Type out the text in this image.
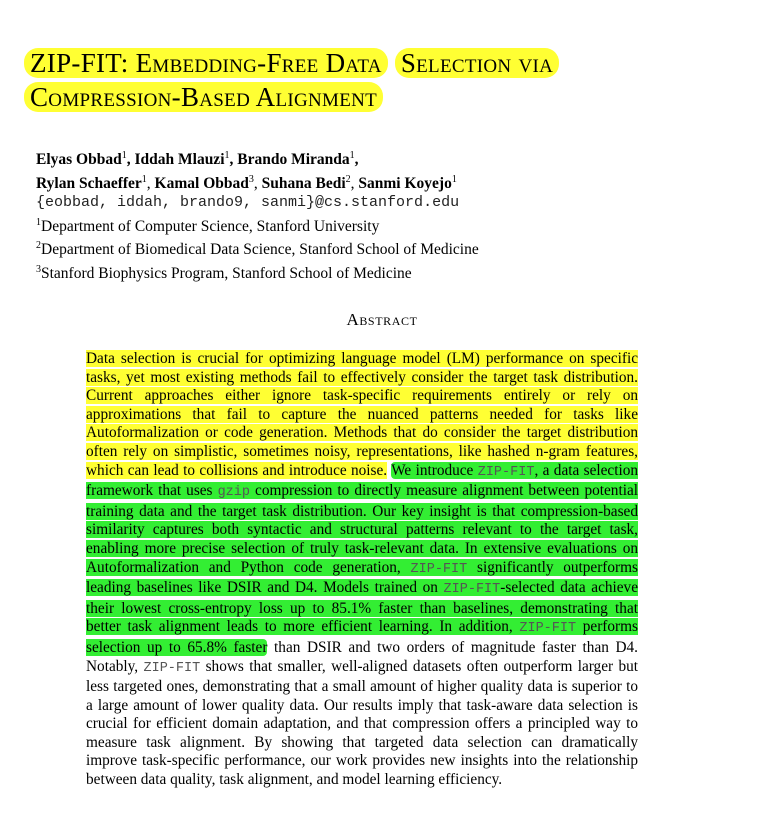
ZIP-FIT: Embedding-Free Data Selection via
Compression-Based Alignment
Elyas Obbad$^1$, Iddah Mlauzi$^1$, Brando Miranda$^1$,
Rylan Schaeffer$^1$, Kamal Obbad$^3$, Suhana Bedi$^2$, Sanmi Koyejo$^1$
{eobbad, iddah, brando9, sanmi}@cs.stanford.edu
$^1$Department of Computer Science, Stanford University
$^2$Department of Biomedical Data Science, Stanford School of Medicine
$^3$Stanford Biophysics Program, Stanford School of Medicine
Abstract
Data selection is crucial for optimizing language model (LM) performance on specific tasks, yet most existing methods fail to effectively consider the target task distribution. Current approaches either ignore task-specific requirements entirely or rely on approximations that fail to capture the nuanced patterns needed for tasks like Autoformalization or code generation. Methods that do consider the target distribution often rely on simplistic, sometimes noisy, representations, like hashed n-gram features, which can lead to collisions and introduce noise. We introduce ZIP-FIT, a data selection framework that uses gzip compression to directly measure alignment between potential training data and the target task distribution. Our key insight is that compression-based similarity captures both syntactic and structural patterns relevant to the target task, enabling more precise selection of truly task-relevant data. In extensive evaluations on Autoformalization and Python code generation, ZIP-FIT significantly outperforms leading baselines like DSIR and D4. Models trained on ZIP-FIT-selected data achieve their lowest cross-entropy loss up to 85.1% faster than baselines, demonstrating that better task alignment leads to more efficient learning. In addition, ZIP-FIT performs selection up to 65.8% faster than DSIR and two orders of magnitude faster than D4. Notably, ZIP-FIT shows that smaller, well-aligned datasets often outperform larger but less targeted ones, demonstrating that a small amount of higher quality data is superior to a large amount of lower quality data. Our results imply that task-aware data selection is crucial for efficient domain adaptation, and that compression offers a principled way to measure task alignment. By showing that targeted data selection can dramatically improve task-specific performance, our work provides new insights into the relationship between data quality, task alignment, and model learning efficiency.
